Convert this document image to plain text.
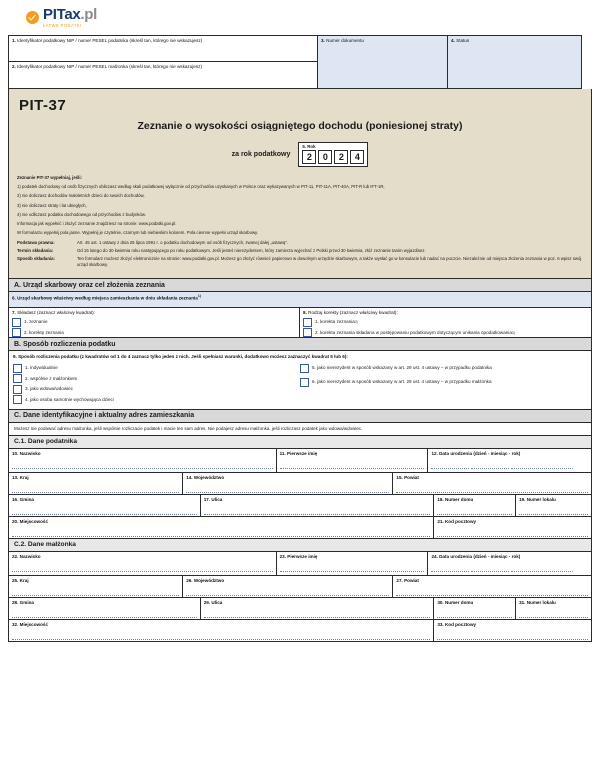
PITax.pl
ŁATWE PODATKI
1. Identyfikator podatkowy NIP / numer PESEL podatnika (skreśl tan, którego nie wskazujesz)
2. Identyfikator podatkowy NIP / numer PESEL małżonka (skreśl tan, którego nie wskazujesz)
3. Numer dokumentu	4. Status
PIT-37
Zeznanie o wysokości osiągniętego dochodu (poniesionej straty)
za rok podatkowy
5. Rok
2	0	2	4
Zeznanie PIT-37 wypełniaj, jeśli:
1) podatek dochodowy od osób fizycznych obliczasz według skali podatkowej wyłącznie od przychodów uzyskanych w Polsce oraz wykazywanych w PIT-11, PIT-11A, PIT-40A, PIT-R lub IFT-1R,
2) nie doliczasz dochodów małoletnich dzieci do swoich dochodów,
3) nie obliczasz straty i lat ubiegłych,
4) nie odliczasz podatku dochodowego od przychodów z budynków.
Informacja jak wypełnić i złożyć zeznanie znajdziesz na stronie: www.podatki.gov.pl.
W formularzu wypełnij pola jasne. Wypełnij je czytelnie, czarnym lub niebieskim kolorem. Pola ciemne wypełni urząd skarbowy.
Podstawa prawna:	Art. 45 ust. 1 ustawy z dnia 26 lipca 1991 r. o podatku dochodowym od osób fizycznych, zwanej dalej „ustawą”.
Termin składania:	Od 15 lutego do 30 kwietnia roku następującego po roku podatkowym. Jeśli jesteś nierezydentem, który zamierza wyjechać z Polski przed 30 kwietnia, złóż zeznanie tanim wyjazdisez.
Sposób składania:	Ten formularz możesz złożyć elektronicznie na stronie: www.podatki.gov.pl. Możesz go złożyć również papierowo w dowolnym urzędzie skarbowym, a także wysłać go w konsulacie lub nadać na poczcie. Niezależnie od miejsca złożenia zeznania w poz. 6 wpisz swój urząd skarbowy.
A. Urząd skarbowy oraz cel złożenia zeznania
6. Urząd skarbowy właściwy według miejsca zamieszkania w dniu składania zeznania$^{1)}$
7. Składasz (zaznacz właściwy kwadrat):
1. zeznanie
2. korektę zeznania
8. Rodzaj korekty (zaznacz właściwy kwadrat):
1. korekta zeznania 2)
2. korekta zeznania składana w postępowaniu podatkowym dotyczącym unikania opodatkowania 3)
B. Sposób rozliczenia podatku
9. Sposób rozliczenia podatku (z kwadratów od 1 do 4 zaznacz tylko jeden z nich. Jeśli spełniasz warunki, dodatkowo możesz zaznaczyć kwadrat 5 lub 6):
1. indywidualnie
2. wspólnie z małżonkiem
3. jako wdowa/wdowiec
4. jako osoba samotnie wychowująca dzieci
5. jako nierezydent w sposób wskazany w art. 29 ust. 4 ustawy – w przypadku podatnika
6. jako nierezydent w sposób wskazany w art. 29 ust. 4 ustawy – w przypadku małżonka
C. Dane identyfikacyjne i aktualny adres zamieszkania
Możesz nie podawać adresu małżonka, jeśli wspólnie rozliczacie podatek i macie ten sam adres. Nie podajesz adresu małżonka, jeśli rozliczasz podatek jako wdowa/wdowiec.
C.1. Dane podatnika
10. Nazwisko	11. Pierwsze imię	12. Data urodzenia (dzień - miesiąc - rok)
13. Kraj	14. Województwo	15. Powiat
16. Gmina	17. Ulica	18. Numer domu	19. Numer lokalu
20. Miejscowość	21. Kod pocztowy
C.2. Dane małżonka
22. Nazwisko	23. Pierwsze imię	24. Data urodzenia (dzień - miesiąc - rok)
25. Kraj	26. Województwo	27. Powiat
28. Gmina	29. Ulica	30. Numer domu	31. Numer lokalu
32. Miejscowość	33. Kod pocztowy
